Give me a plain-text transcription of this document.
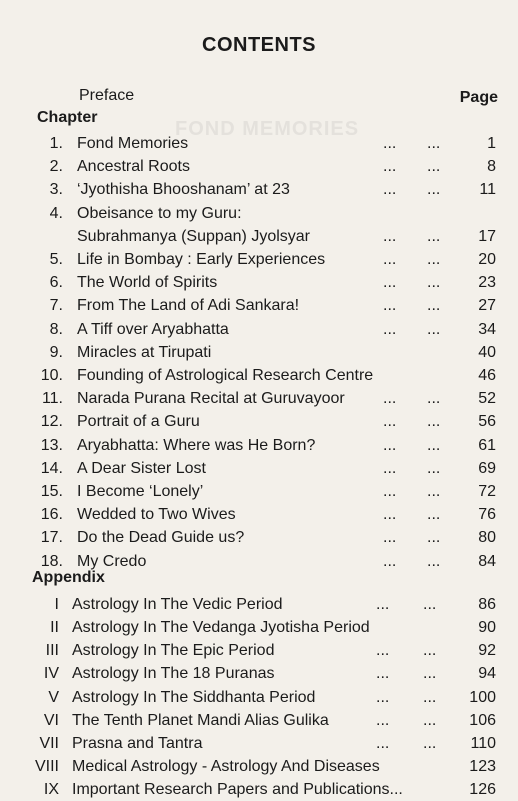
FOND MEMORIES
CONTENTS
Preface	Page
Chapter
1. Fond Memories	... ...	1
2. Ancestral Roots	... ...	8
3. ‘Jyothisha Bhooshanam’ at 23	... ...	11
4. Obeisance to my Guru:
Subrahmanya (Suppan) Jyolsyar	... ...	17
5. Life in Bombay : Early Experiences	... ...	20
6. The World of Spirits	... ...	23
7. From The Land of Adi Sankara!	... ...	27
8. A Tiff over Aryabhatta	... ...	34
9. Miracles at Tirupati	40
10. Founding of Astrological Research Centre	46
11. Narada Purana Recital at Guruvayoor ... ...	52
12. Portrait of a Guru	... ...	56
13. Aryabhatta: Where was He Born?	... ...	61
14. A Dear Sister Lost	... ...	69
15. I Become ‘Lonely’	... ...	72
16. Wedded to Two Wives	... ...	76
17. Do the Dead Guide us?	... ...	80
18. My Credo	... ...	84
Appendix
I Astrology In The Vedic Period	... ...	86
II Astrology In The Vedanga Jyotisha Period	90
III Astrology In The Epic Period	... ...	92
IV Astrology In The 18 Puranas	... ...	94
V Astrology In The Siddhanta Period	... ...	100
VI The Tenth Planet Mandi Alias Gulika	... ...	106
VII Prasna and Tantra	... ...	110
VIII Medical Astrology - Astrology And Diseases	123
IX Important Research Papers and Publications...	126
